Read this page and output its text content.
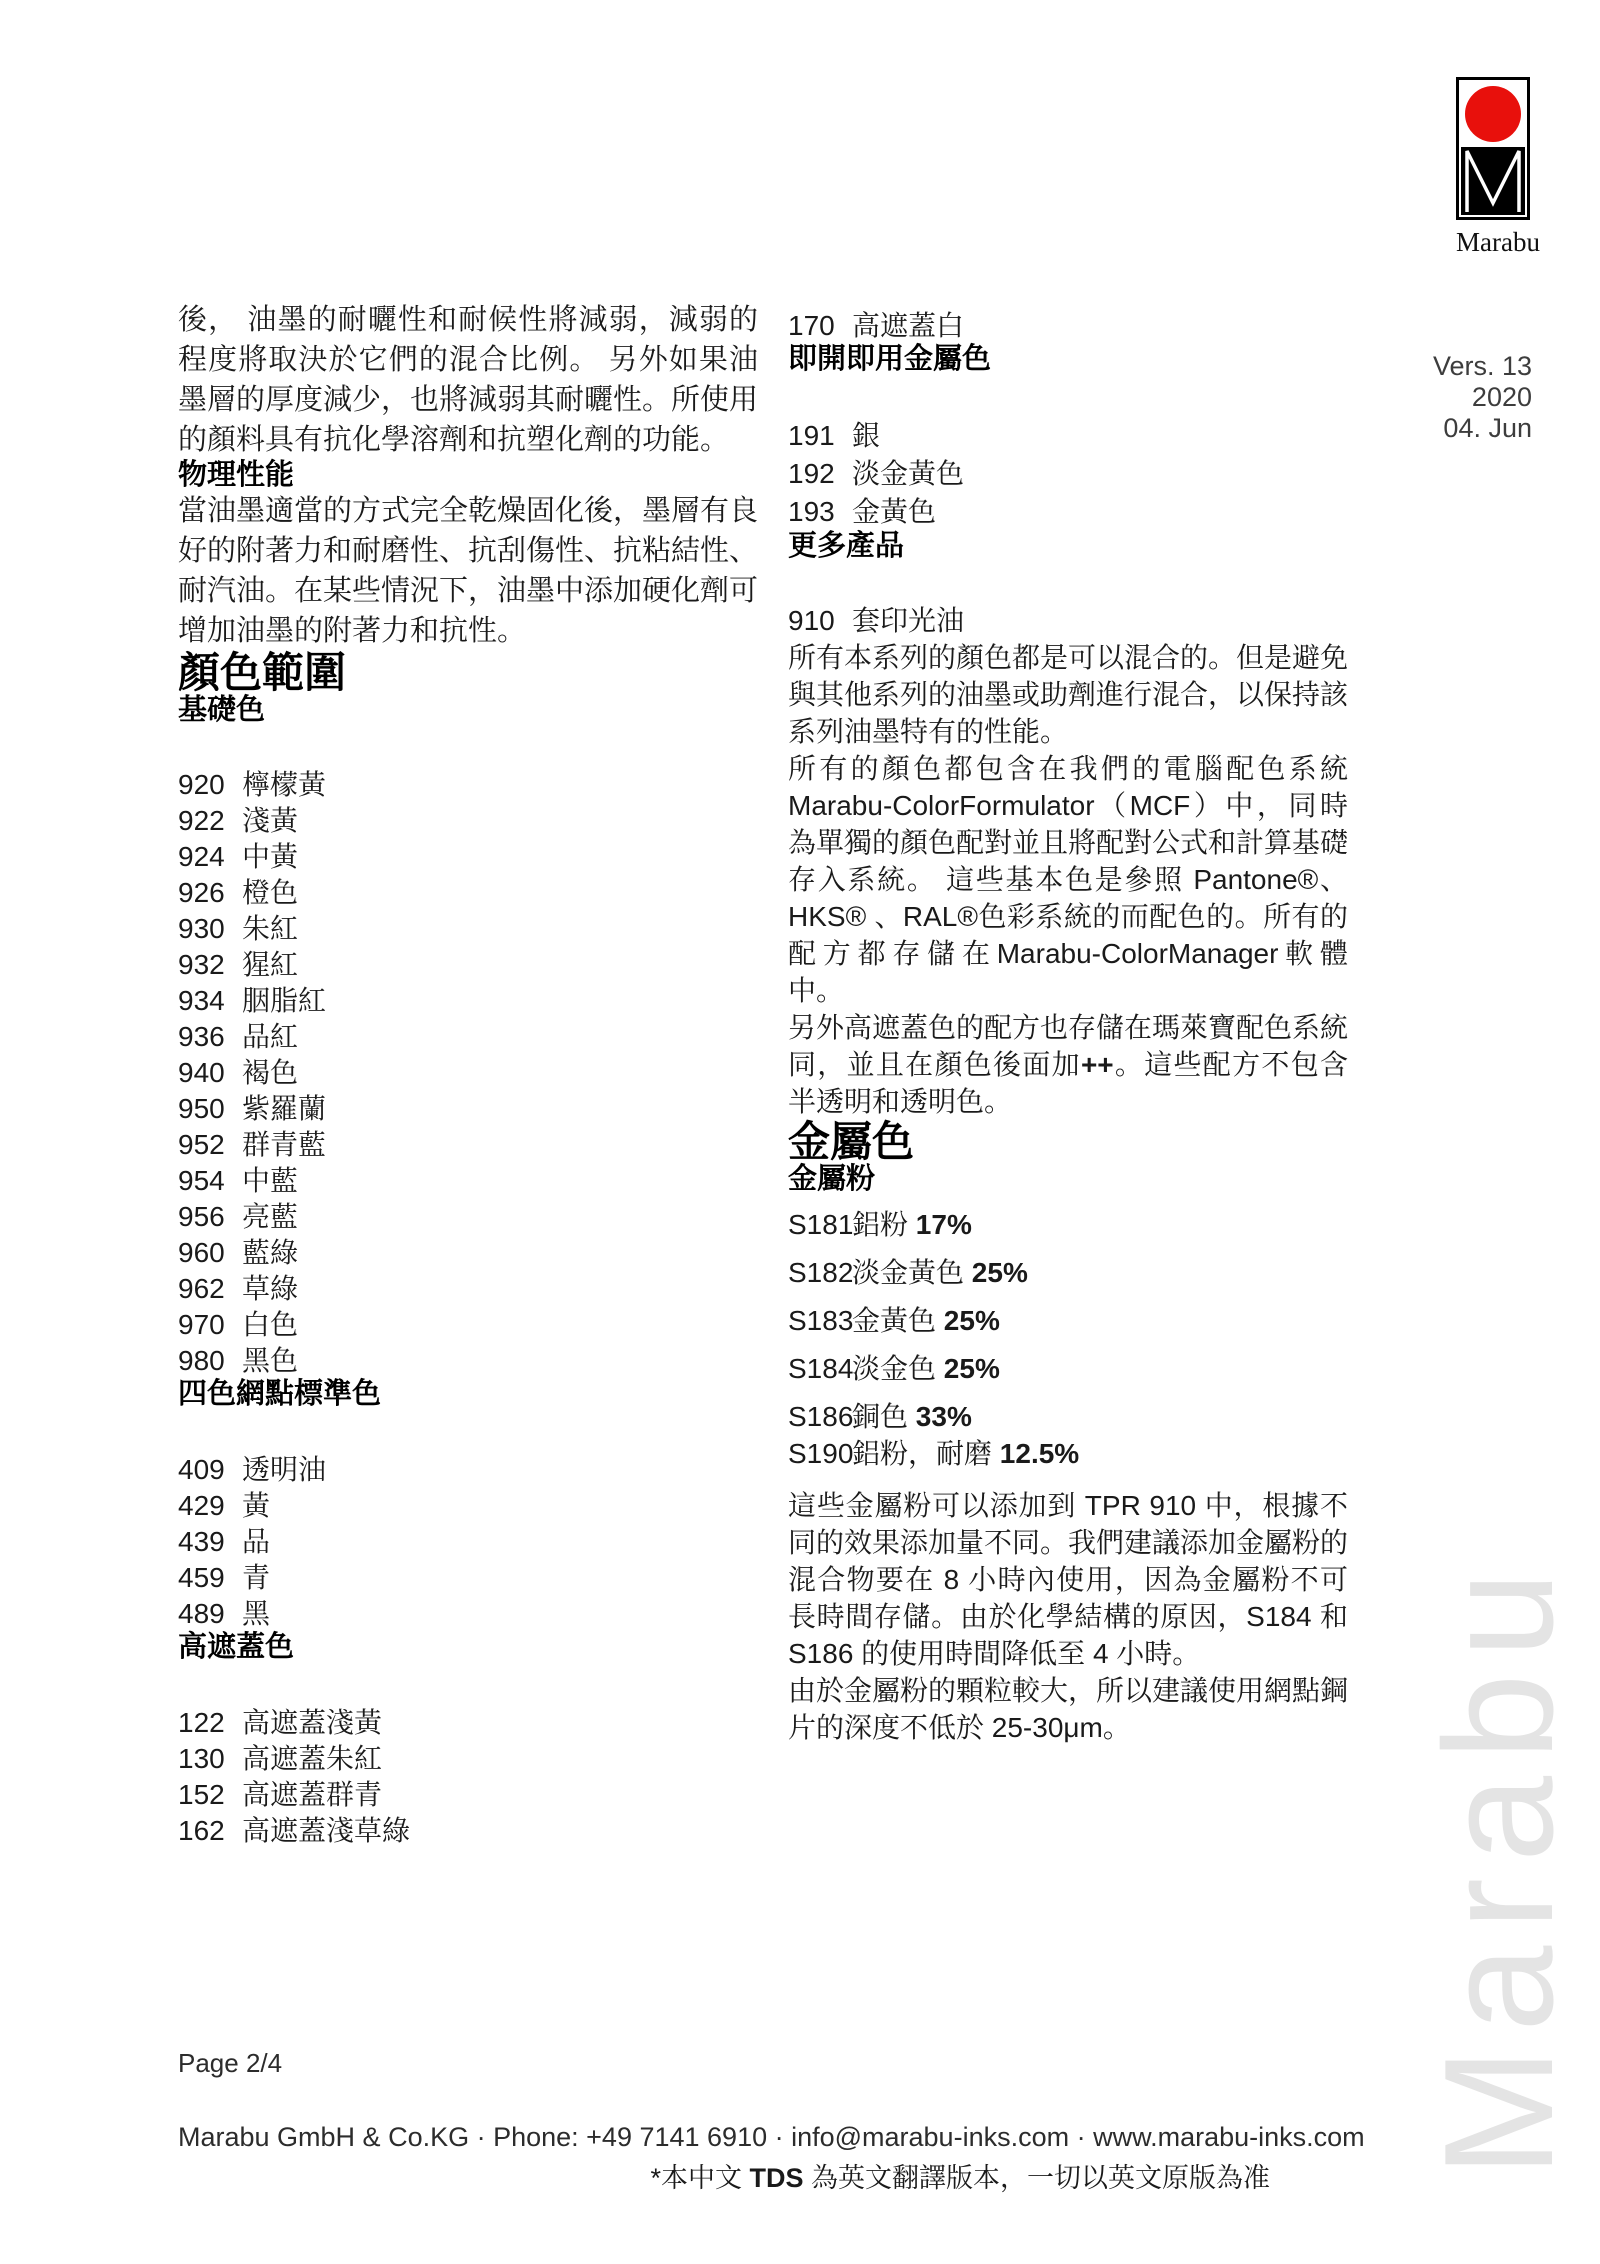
Marabu
Marabu
Vers. 13
2020
04. Jun

後， 油墨的耐曬性和耐候性將減弱，減弱的程度將取決於它們的混合比例。 另外如果油墨層的厚度減少，也將減弱其耐曬性。所使用的顏料具有抗化學溶劑和抗塑化劑的功能。

物理性能

當油墨適當的方式完全乾燥固化後，墨層有良好的附著力和耐磨性、抗刮傷性、抗粘結性、耐汽油。在某些情況下，油墨中添加硬化劑可增加油墨的附著力和抗性。

顏色範圍
基礎色
920 檸檬黃
922 淺黃
924 中黃
926 橙色
930 朱紅
932 猩紅
934 胭脂紅
936 品紅
940 褐色
950 紫羅蘭
952 群青藍
954 中藍
956 亮藍
960 藍綠
962 草綠
970 白色
980 黑色
四色網點標準色
409 透明油
429 黃
439 品
459 青
489 黑
高遮蓋色
122 高遮蓋淺黃
130 高遮蓋朱紅
152 高遮蓋群青
162 高遮蓋淺草綠
170 高遮蓋白
即開即用金屬色
191 銀
192 淡金黃色
193 金黃色
更多產品
910 套印光油

所有本系列的顏色都是可以混合的。但是避免與其他系列的油墨或助劑進行混合，以保持該系列油墨特有的性能。

所有的顏色都包含在我們的電腦配色系統Marabu-ColorFormulator（MCF）中，同時為單獨的顏色配對並且將配對公式和計算基礎存入系統。 這些基本色是參照 Pantone®、HKS® 、RAL®色彩系統的而配色的。所有的配方都存儲在Marabu-ColorManager軟體中。

另外高遮蓋色的配方也存儲在瑪萊寶配色系統同，並且在顏色後面加++。這些配方不包含半透明和透明色。

金屬色
金屬粉
S181
鋁粉
17%
S182
淡金黃色
25%
S183
金黃色
25%
S184
淡金色
25%
S186
銅色
33%
S190
鋁粉，耐磨
12.5%

這些金屬粉可以添加到 TPR 910 中，根據不同的效果添加量不同。我們建議添加金屬粉的混合物要在 8 小時內使用，因為金屬粉不可長時間存儲。由於化學結構的原因，S184 和 S186 的使用時間降低至 4 小時。

由於金屬粉的顆粒較大，所以建議使用網點鋼片的深度不低於 25-30μm。

Page 2/4
Marabu GmbH & Co.KG · Phone: +49 7141 6910 · info@marabu-inks.com · www.marabu-inks.com
*本中文 TDS 為英文翻譯版本，一切以英文原版為准
